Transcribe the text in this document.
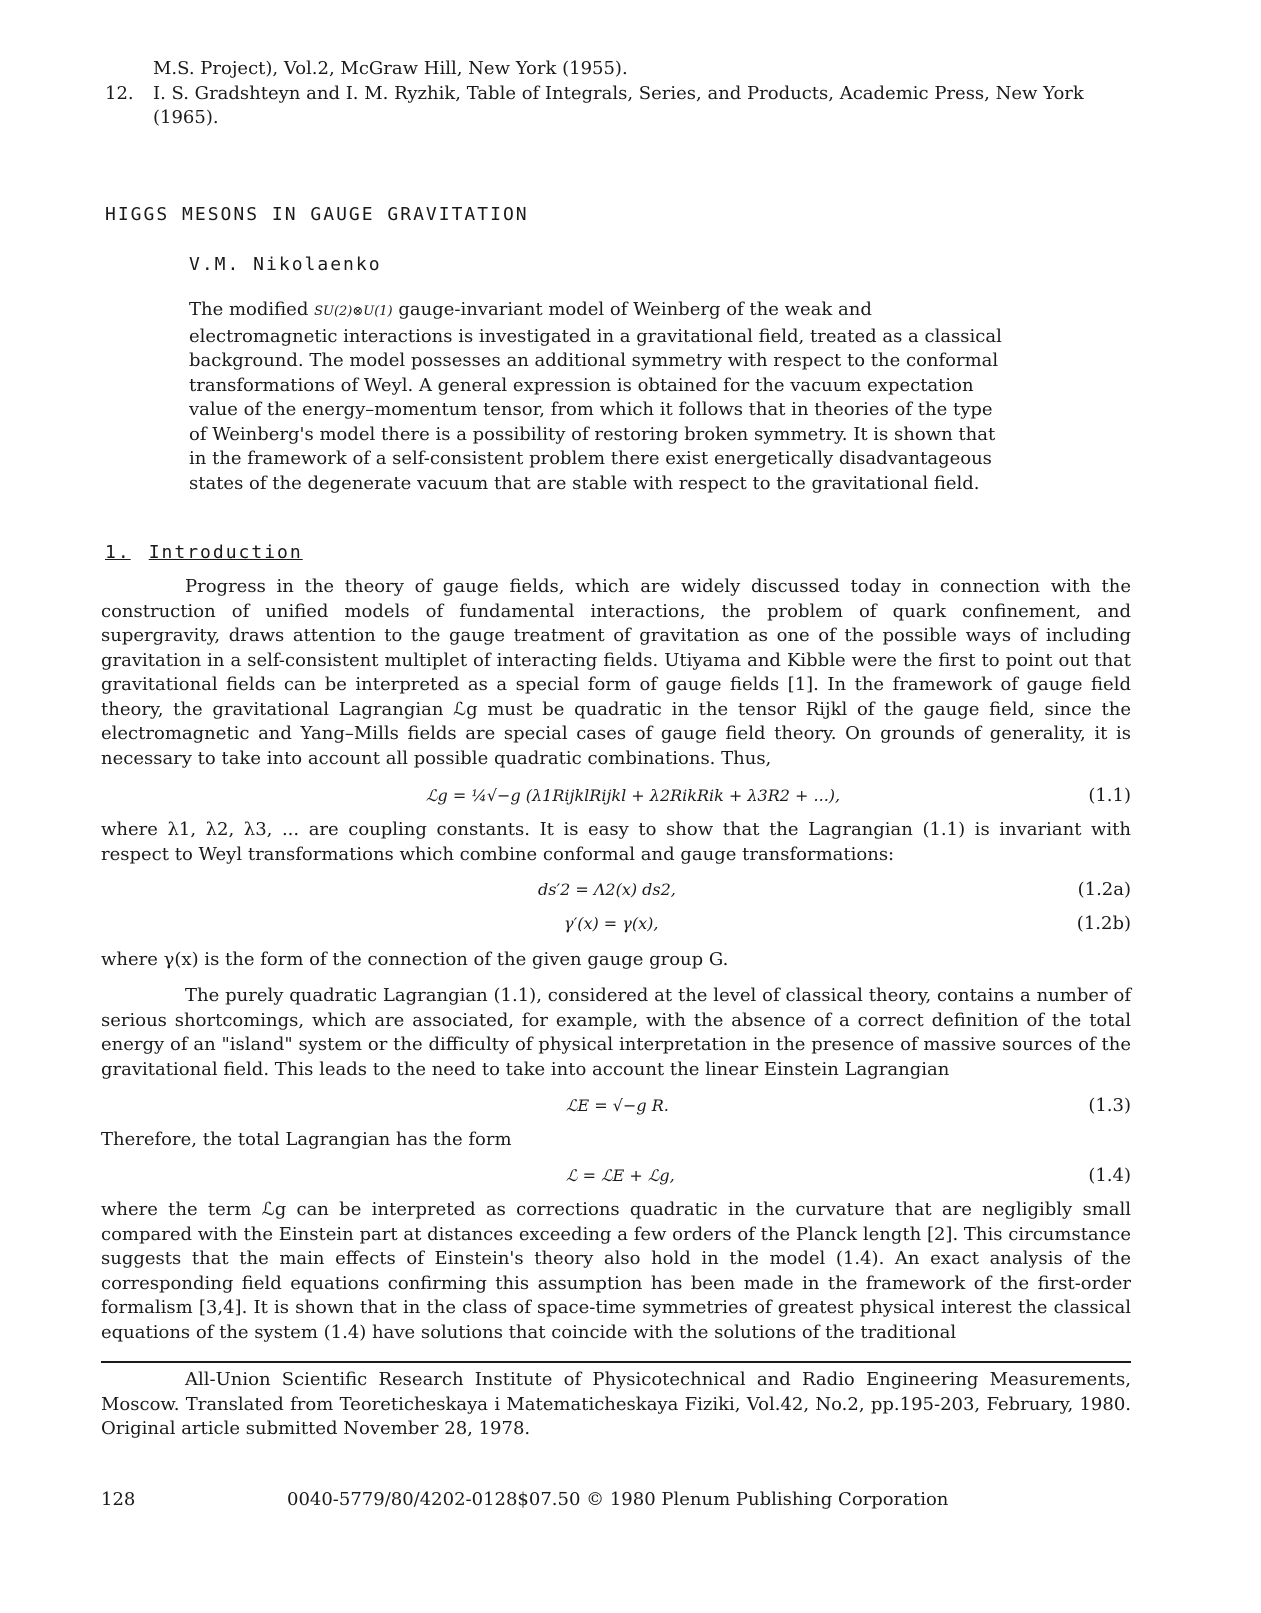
M.S. Project), Vol.2, McGraw Hill, New York (1955).
12. I. S. Gradshteyn and I. M. Ryzhik, Table of Integrals, Series, and Products, Academic Press, New York (1965).
HIGGS MESONS IN GAUGE GRAVITATION
V.M. Nikolaenko

The modified SU(2)⊗U(1) gauge-invariant model of Weinberg of the weak and electromagnetic interactions is investigated in a gravitational field, treated as a classical background. The model possesses an additional symmetry with respect to the conformal transformations of Weyl. A general expression is obtained for the vacuum expectation value of the energy–momentum tensor, from which it follows that in theories of the type of Weinberg's model there is a possibility of restoring broken symmetry. It is shown that in the framework of a self-consistent problem there exist energetically disadvantageous states of the degenerate vacuum that are stable with respect to the gravitational field.

1. Introduction

Progress in the theory of gauge fields, which are widely discussed today in connection with the construction of unified models of fundamental interactions, the problem of quark confinement, and supergravity, draws attention to the gauge treatment of gravitation as one of the possible ways of including gravitation in a self-consistent multiplet of interacting fields. Utiyama and Kibble were the first to point out that gravitational fields can be interpreted as a special form of gauge fields [1]. In the framework of gauge field theory, the gravitational Lagrangian ℒg must be quadratic in the tensor Rijkl of the gauge field, since the electromagnetic and Yang–Mills fields are special cases of gauge field theory. On grounds of generality, it is necessary to take into account all possible quadratic combinations. Thus,

ℒg = ¼√−g (λ1RijklRijkl + λ2RikRik + λ3R2 + ...),	(1.1)

where λ1, λ2, λ3, ... are coupling constants. It is easy to show that the Lagrangian (1.1) is invariant with respect to Weyl transformations which combine conformal and gauge transformations:

ds′2 = Λ2(x) ds2,	(1.2a)
γ′(x) = γ(x),	(1.2b)

where γ(x) is the form of the connection of the given gauge group G.

The purely quadratic Lagrangian (1.1), considered at the level of classical theory, contains a number of serious shortcomings, which are associated, for example, with the absence of a correct definition of the total energy of an "island" system or the difficulty of physical interpretation in the presence of massive sources of the gravitational field. This leads to the need to take into account the linear Einstein Lagrangian

ℒE = √−g R.	(1.3)

Therefore, the total Lagrangian has the form

ℒ = ℒE + ℒg,	(1.4)

where the term ℒg can be interpreted as corrections quadratic in the curvature that are negligibly small compared with the Einstein part at distances exceeding a few orders of the Planck length [2]. This circumstance suggests that the main effects of Einstein's theory also hold in the model (1.4). An exact analysis of the corresponding field equations confirming this assumption has been made in the framework of the first-order formalism [3,4]. It is shown that in the class of space-time symmetries of greatest physical interest the classical equations of the system (1.4) have solutions that coincide with the solutions of the traditional

All-Union Scientific Research Institute of Physicotechnical and Radio Engineering Measurements, Moscow. Translated from Teoreticheskaya i Matematicheskaya Fiziki, Vol.42, No.2, pp.195-203, February, 1980. Original article submitted November 28, 1978.

128	0040-5779/80/4202-0128$07.50 © 1980 Plenum Publishing Corporation
